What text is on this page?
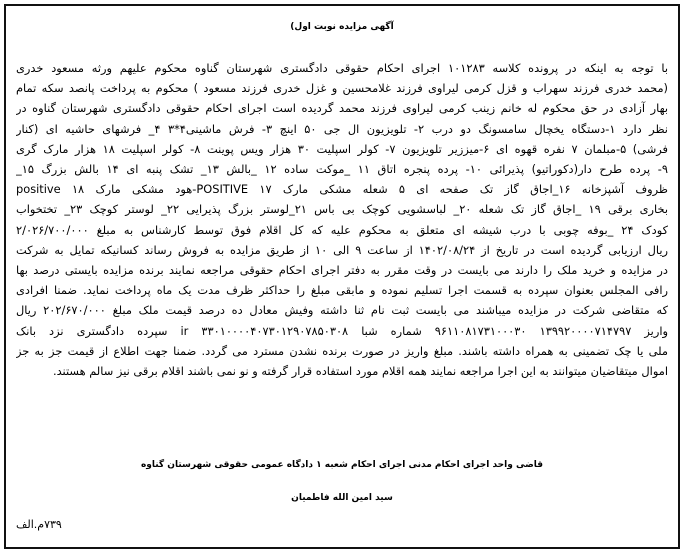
آگهی مزایده نوبت اول)
با توجه به اینکه در پرونده کلاسه ۱۰۱۲۸۳ اجرای احکام حقوقی دادگستری شهرستان گناوه محکوم علیهم ورثه مسعود خدری
(محمد خدری فرزند سهراب و قزل کرمی لیراوی فرزند غلامحسین و غزل خدری فرزند مسعود ) محکوم به پرداخت پانصد سکه تمام
بهار آزادی در حق محکوم له خانم زینب کرمی لیراوی فرزند محمد گردیده است اجرای احکام حقوقی دادگستری شهرستان گناوه در
نظر دارد ۱-دستگاه یخچال سامسونگ دو درب ۲- تلویزیون ال جی ۵۰ اینچ ۳- فرش ماشینی۴*۳ ۴_ فرشهای حاشیه ای (کنار
فرشی) ۵-مبلمان ۷ نفره قهوه ای ۶-میززیر تلویزیون ۷- کولر اسپلیت ۳۰ هزار ویس پوینت ۸- کولر اسپلیت ۱۸ هزار مارک گری
۹- پرده طرح دار(دکوراتیو) پذیرائی ۱۰- پرده پنجره اتاق ۱۱ _موکت ساده ۱۲ _بالش ۱۳_ تشک پنبه ای ۱۴ بالش بزرگ ۱۵_
ظروف آشپزخانه ۱۶_اجاق گاز تک صفحه ای ۵ شعله مشکی مارک POSITIVE ۱۷-هود مشکی مارک positive ۱۸
بخاری برقی ۱۹ _اجاق گاز تک شعله ۲۰_ لباسشویی کوچک بی باس ۲۱_لوستر بزرگ پذیرایی ۲۲_ لوستر کوچک ۲۳_ تختخواب
کودک ۲۴ _بوفه چوبی با درب شیشه ای متعلق به محکوم علیه که کل اقلام فوق توسط کارشناس به مبلغ ۲/۰۲۶/۷۰۰/۰۰۰
ریال ارزیابی گردیده است در تاریخ از ۱۴۰۲/۰۸/۲۴ از ساعت ۹ الی ۱۰ از طریق مزایده به فروش رساند کسانیکه تمایل به شرکت
در مزایده و خرید ملک را دارند می بایست در وقت مقرر به دفتر اجرای احکام حقوقی مراجعه نمایند برنده مزایده بایستی درصد بها
رافی المجلس بعنوان سپرده به قسمت اجرا تسلیم نموده و مابقی مبلغ را حداکثر ظرف مدت یک ماه پرداخت نماید. ضمنا افرادی
که متقاضی شرکت در مزایده میباشند می بایست ثبت نام ثنا داشته وفیش معادل ده درصد قیمت ملک مبلغ ۲۰۲/۶۷۰/۰۰۰ ریال
واریز ۱۳۹۹۲۰۰۰۰۷۱۴۷۹۷ ۹۶۱۱۰۸۱۷۳۱۰۰۰۳۰ شماره شبا ۳۳۰۱۰۰۰۰۴۰۷۳۰۱۲۹۰۷۸۵۰۳۰۸ ir سپرده دادگستری نزد بانک
ملی یا چک تضمینی به همراه داشته باشند. مبلغ واریز در صورت برنده نشدن مسترد می گردد. ضمنا جهت اطلاع از قیمت جز به جز
اموال میتقاضیان میتوانند به این اجرا مراجعه نمایند همه اقلام مورد استفاده قرار گرفته و نو نمی باشند اقلام برقی نیز سالم هستند.
قاضی واحد اجرای احکام مدنی اجرای احکام شعبه ۱ دادگاه عمومی حقوقی شهرستان گناوه
سید امین الله فاطمیان
۷۳۹م.الف
